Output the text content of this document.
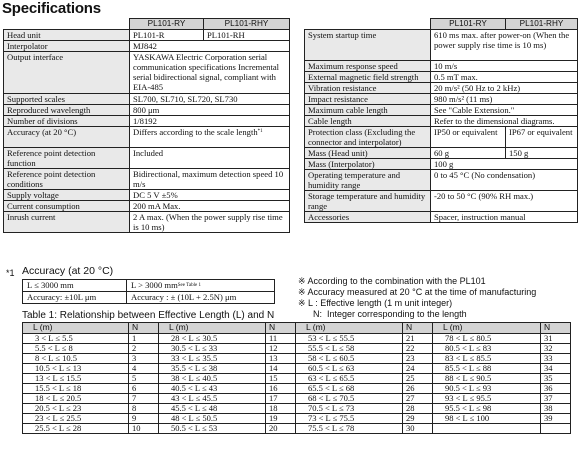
Specifications
	PL101-RY	PL101-RHY
Head unit	PL101-R	PL101-RH
Interpolator	MJ842	
Output interface	YASKAWA Electric Corporation serial communication specifications Incremental serial bidirectional signal, compliant with EIA-485	
Supported scales	SL700, SL710, SL720, SL730	
Reproduced wavelength	800 μm	
Number of divisions	1/8192	
Accuracy (at 20 °C)	Differs according to the scale length$^{*1}$
Reference point detection function	Included	
Reference point detection conditions	Bidirectional, maximum detection speed 10 m/s	
Supply voltage	DC 5 V ±5%	
Current consumption	200 mA Max.	
Inrush current	2 A max. (When the power supply rise time is 10 ms)	
	PL101-RY	PL101-RHY
System startup time	610 ms max. after power-on (When the power supply rise time is 10 ms)	
Maximum response speed	10 m/s	
External magnetic field strength	0.5 mT max.	
Vibration resistance	20 m/s² (50 Hz to 2 kHz)	
Impact resistance	980 m/s² (11 ms)	
Maximum cable length	See "Cable Extension."	
Cable length	Refer to the dimensional diagrams.	
Protection class (Excluding the connector and interpolator)	IP50 or equivalent	IP67 or equivalent
Mass (Head unit)	60 g	150 g
Mass (Interpolator)	100 g	
Operating temperature and humidity range	0 to 45 °C (No condensation)	
Storage temperature and humidity range	-20 to 50 °C (90% RH max.)	
Accessories	Spacer, instruction manual	
*1 Accuracy (at 20 °C)
L ≤ 3000 mm	L > 3000 $mm^{See Table 1}$
Accuracy: ±10L μm	Accuracy : ± (10L + 2.5N) μm
※ According to the combination with the PL101
※ Accuracy measured at 20 °C at the time of manufacturing
※ L : Effective length (1 m unit integer)
N:  Integer corresponding to the length
Table 1: Relationship between Effective Length (L) and N
L (m)	N	L (m)	N	L (m)	N	L (m)	N
3 < L ≤ 5.5	1	28 < L ≤ 30.5	11	53 < L ≤ 55.5	21	78 < L ≤ 80.5	31
5.5 < L ≤ 8	2	30.5 < L ≤ 33	12	55.5 < L ≤ 58	22	80.5 < L ≤ 83	32
8 < L ≤ 10.5	3	33 < L ≤ 35.5	13	58 < L ≤ 60.5	23	83 < L ≤ 85.5	33
10.5 < L ≤ 13	4	35.5 < L ≤ 38	14	60.5 < L ≤ 63	24	85.5 < L ≤ 88	34
13 < L ≤ 15.5	5	38 < L ≤ 40.5	15	63 < L ≤ 65.5	25	88 < L ≤ 90.5	35
15.5 < L ≤ 18	6	40.5 < L ≤ 43	16	65.5 < L ≤ 68	26	90.5 < L ≤ 93	36
18 < L ≤ 20.5	7	43 < L ≤ 45.5	17	68 < L ≤ 70.5	27	93 < L ≤ 95.5	37
20.5 < L ≤ 23	8	45.5 < L ≤ 48	18	70.5 < L ≤ 73	28	95.5 < L ≤ 98	38
23 < L ≤ 25.5	9	48 < L ≤ 50.5	19	73 < L ≤ 75.5	29	98 < L ≤ 100	39
25.5 < L ≤ 28	10	50.5 < L ≤ 53	20	75.5 < L ≤ 78	30		
